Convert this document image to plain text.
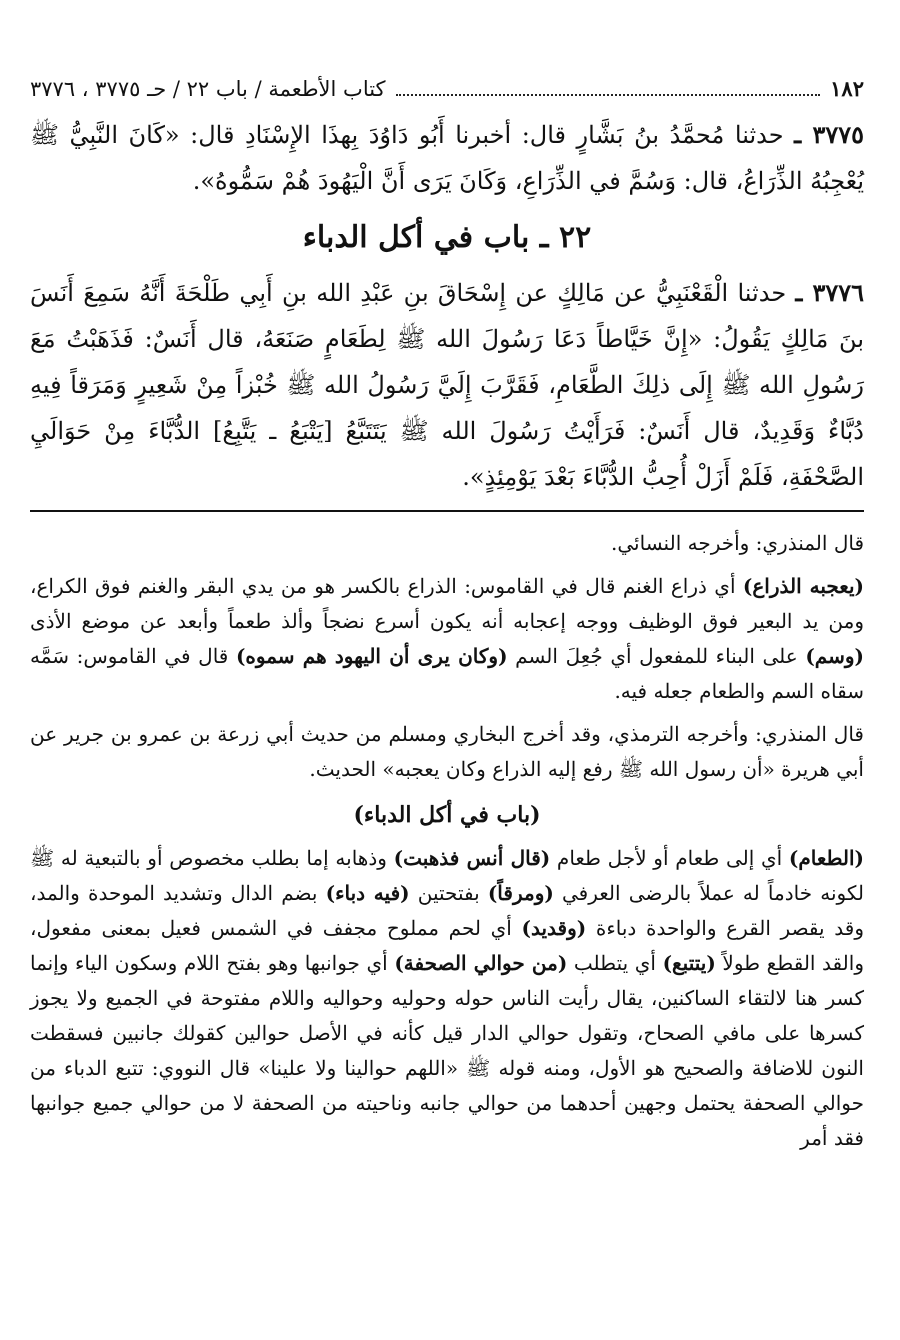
١٨٢
كتاب الأطعمة / باب ٢٢ / حـ ٣٧٧٥ ، ٣٧٧٦

٣٧٧٥ ـ حدثنا مُحمَّدُ بنُ بَشَّارٍ قال: أخبرنا أَبُو دَاوُدَ بِهذَا الإِسْنَادِ قال: «كَانَ النَّبِيُّ ﷺ يُعْجِبُهُ الذِّرَاعُ، قال: وَسُمَّ في الذِّرَاعِ، وَكَانَ يَرَى أَنَّ الْيَهُودَ هُمْ سَمُّوهُ».

٢٢ ـ باب في أكل الدباء

٣٧٧٦ ـ حدثنا الْقَعْنَبِيُّ عن مَالِكٍ عن إِسْحَاقَ بنِ عَبْدِ الله بنِ أَبِي طَلْحَةَ أَنَّهُ سَمِعَ أَنَسَ بنَ مَالِكٍ يَقُولُ: «إِنَّ خَيَّاطاً دَعَا رَسُولَ الله ﷺ لِطَعَامٍ صَنَعَهُ، قال أَنَسٌ: فَذَهَبْتُ مَعَ رَسُولِ الله ﷺ إِلَى ذلِكَ الطَّعَامِ، فَقَرَّبَ إِلَيَّ رَسُولُ الله ﷺ خُبْزاً مِنْ شَعِيرٍ وَمَرَقاً فِيهِ دُبَّاءٌ وَقَدِيدٌ، قال أَنَسٌ: فَرَأَيْتُ رَسُولَ الله ﷺ يَتَتَبَّعُ [يَتْبَعُ ـ يَتَّبِعُ] الدُّبَّاءَ مِنْ حَوَالَيِ الصَّحْفَةِ، فَلَمْ أَزَلْ أُحِبُّ الدُّبَّاءَ بَعْدَ يَوْمِئِذٍ».

قال المنذري: وأخرجه النسائي.

(يعجبه الذراع) أي ذراع الغنم قال في القاموس: الذراع بالكسر هو من يدي البقر والغنم فوق الكراع، ومن يد البعير فوق الوظيف ووجه إعجابه أنه يكون أسرع نضجاً وألذ طعماً وأبعد عن موضع الأذى (وسم) على البناء للمفعول أي جُعِلَ السم (وكان يرى أن اليهود هم سموه) قال في القاموس: سَمَّه سقاه السم والطعام جعله فيه.

قال المنذري: وأخرجه الترمذي، وقد أخرج البخاري ومسلم من حديث أبي زرعة بن عمرو بن جرير عن أبي هريرة «أن رسول الله ﷺ رفع إليه الذراع وكان يعجبه» الحديث.

(باب في أكل الدباء)

(الطعام) أي إلى طعام أو لأجل طعام (قال أنس فذهبت) وذهابه إما بطلب مخصوص أو بالتبعية له ﷺ لكونه خادماً له عملاً بالرضى العرفي (ومرقاً) بفتحتين (فيه دباء) بضم الدال وتشديد الموحدة والمد، وقد يقصر القرع والواحدة دباءة (وقديد) أي لحم مملوح مجفف في الشمس فعيل بمعنى مفعول، والقد القطع طولاً (يتتبع) أي يتطلب (من حوالي الصحفة) أي جوانبها وهو بفتح اللام وسكون الياء وإنما كسر هنا لالتقاء الساكنين، يقال رأيت الناس حوله وحوليه وحواليه واللام مفتوحة في الجميع ولا يجوز كسرها على مافي الصحاح، وتقول حوالي الدار قيل كأنه في الأصل حوالين كقولك جانبين فسقطت النون للاضافة والصحيح هو الأول، ومنه قوله ﷺ «اللهم حوالينا ولا علينا» قال النووي: تتبع الدباء من حوالي الصحفة يحتمل وجهين أحدهما من حوالي جانبه وناحيته من الصحفة لا من حوالي جميع جوانبها فقد أمر
